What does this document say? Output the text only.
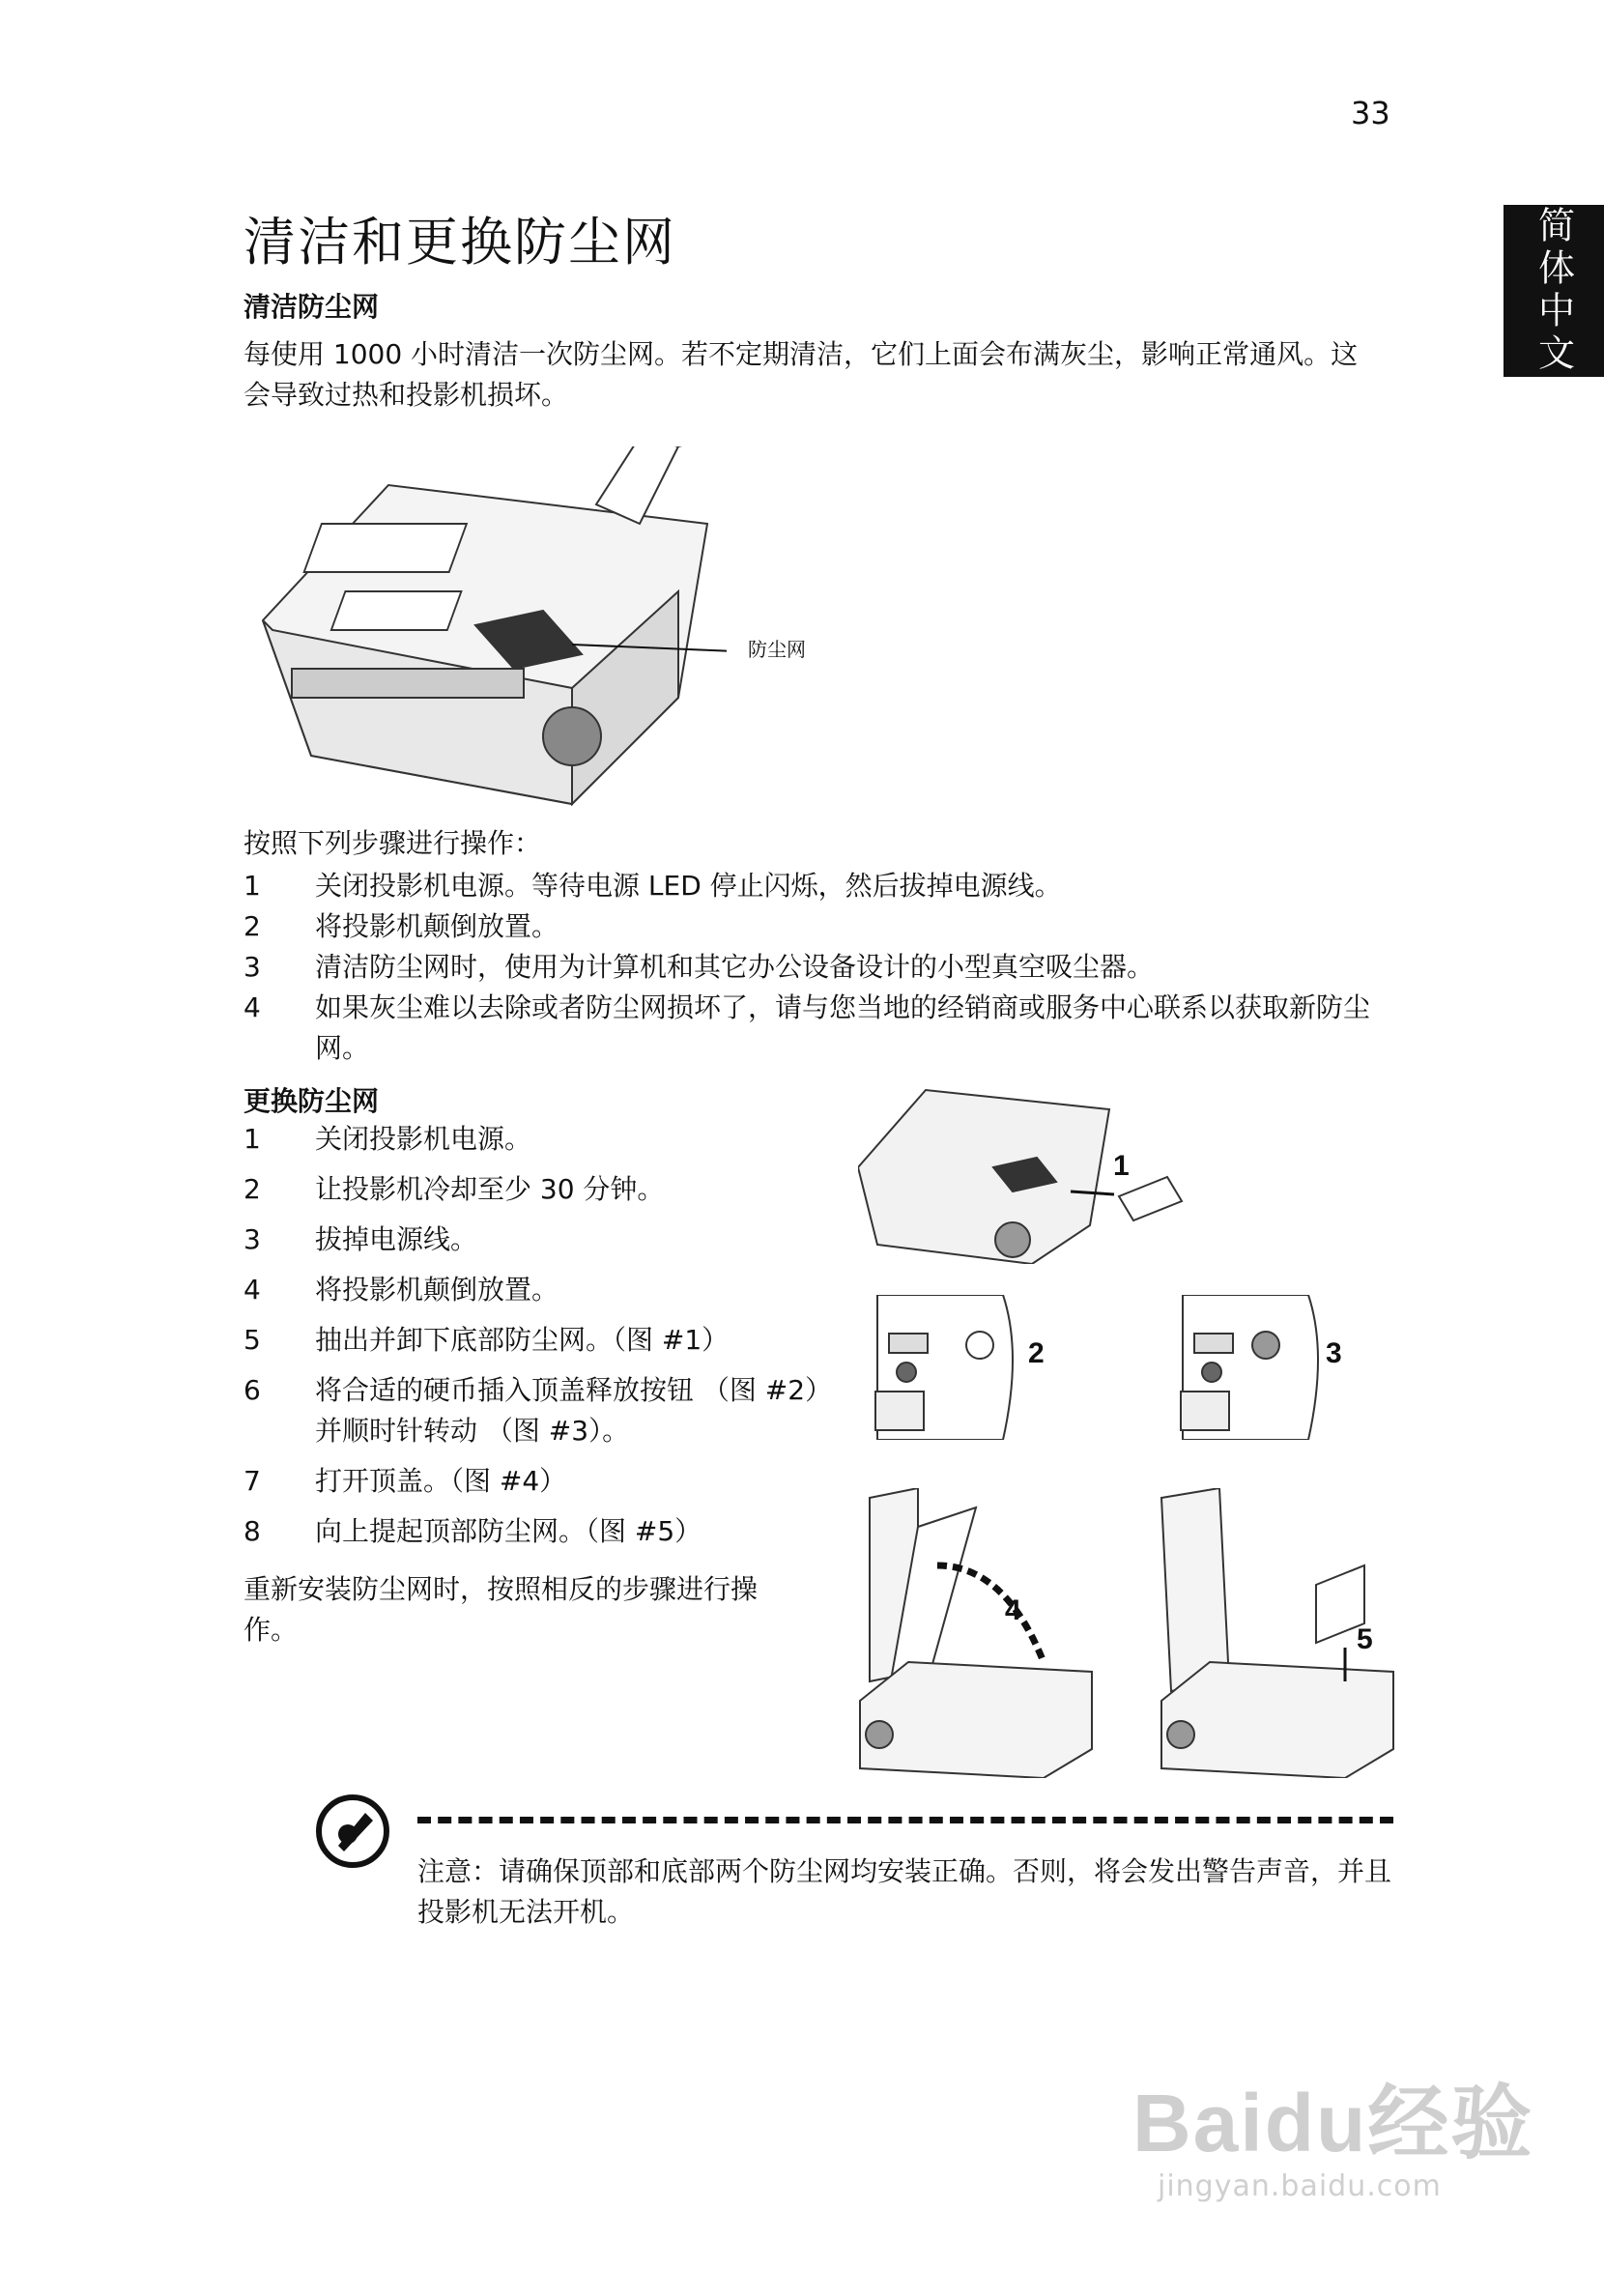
33
简体中文
清洁和更换防尘网
清洁防尘网
每使用 1000 小时清洁一次防尘网。若不定期清洁，它们上面会布满灰尘，影响正常通风。这会导致过热和投影机损坏。
防尘网
按照下列步骤进行操作：
1	关闭投影机电源。等待电源 LED 停止闪烁，然后拔掉电源线。
2	将投影机颠倒放置。
3	清洁防尘网时，使用为计算机和其它办公设备设计的小型真空吸尘器。
4	如果灰尘难以去除或者防尘网损坏了，请与您当地的经销商或服务中心联系以获取新防尘网。
更换防尘网
1	关闭投影机电源。
2	让投影机冷却至少 30 分钟。
3	拔掉电源线。
4	将投影机颠倒放置。
5	抽出并卸下底部防尘网。（图 #1）
6	将合适的硬币插入顶盖释放按钮 （图 #2）并顺时针转动 （图 #3）。
7	打开顶盖。（图 #4）
8	向上提起顶部防尘网。（图 #5）
重新安装防尘网时，按照相反的步骤进行操作。
1
2	3
4
5
注意：请确保顶部和底部两个防尘网均安装正确。否则，将会发出警告声音，并且投影机无法开机。
Baidu经验
jingyan.baidu.com
